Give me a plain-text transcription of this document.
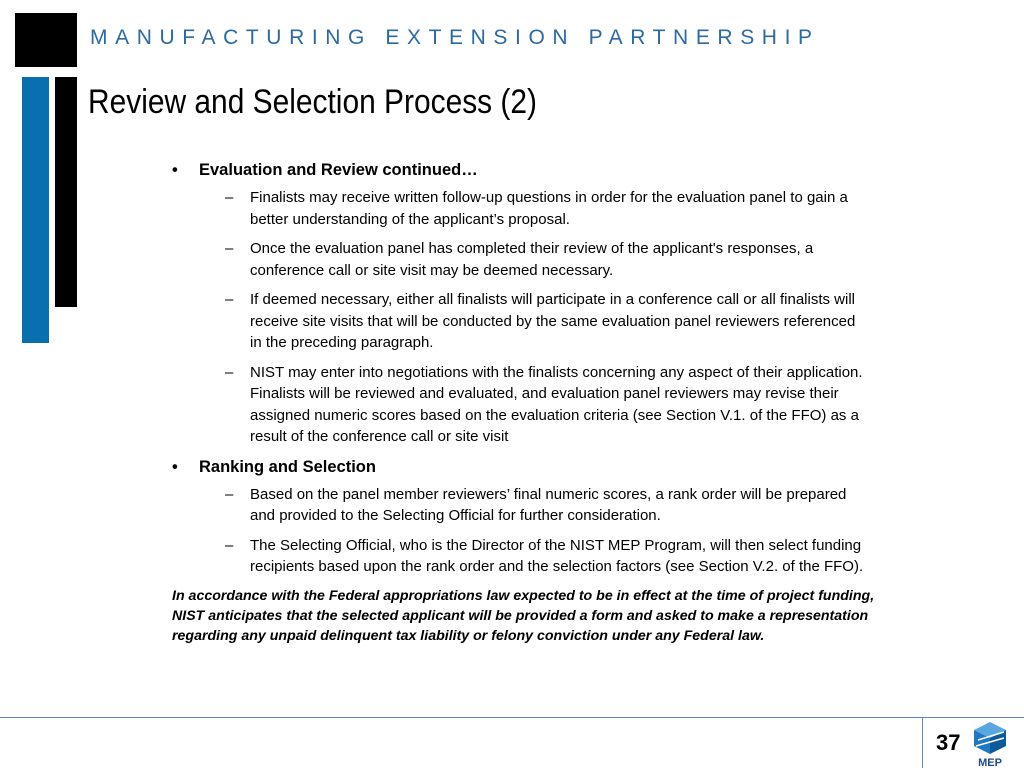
MANUFACTURING EXTENSION PARTNERSHIP
Review and Selection Process (2)
• Evaluation and Review continued…
– Finalists may receive written follow-up questions in order for the evaluation panel to gain a better understanding of the applicant’s proposal.
– Once the evaluation panel has completed their review of the applicant's responses, a conference call or site visit may be deemed necessary.
– If deemed necessary, either all finalists will participate in a conference call or all finalists will receive site visits that will be conducted by the same evaluation panel reviewers referenced in the preceding paragraph.
– NIST may enter into negotiations with the finalists concerning any aspect of their application. Finalists will be reviewed and evaluated, and evaluation panel reviewers may revise their assigned numeric scores based on the evaluation criteria (see Section V.1. of the FFO) as a result of the conference call or site visit
• Ranking and Selection
– Based on the panel member reviewers’ final numeric scores, a rank order will be prepared and provided to the Selecting Official for further consideration.
– The Selecting Official, who is the Director of the NIST MEP Program, will then select funding recipients based upon the rank order and the selection factors (see Section V.2. of the FFO).
In accordance with the Federal appropriations law expected to be in effect at the time of project funding, NIST anticipates that the selected applicant will be provided a form and asked to make a representation regarding any unpaid delinquent tax liability or felony conviction under any Federal law.
37
MEP
